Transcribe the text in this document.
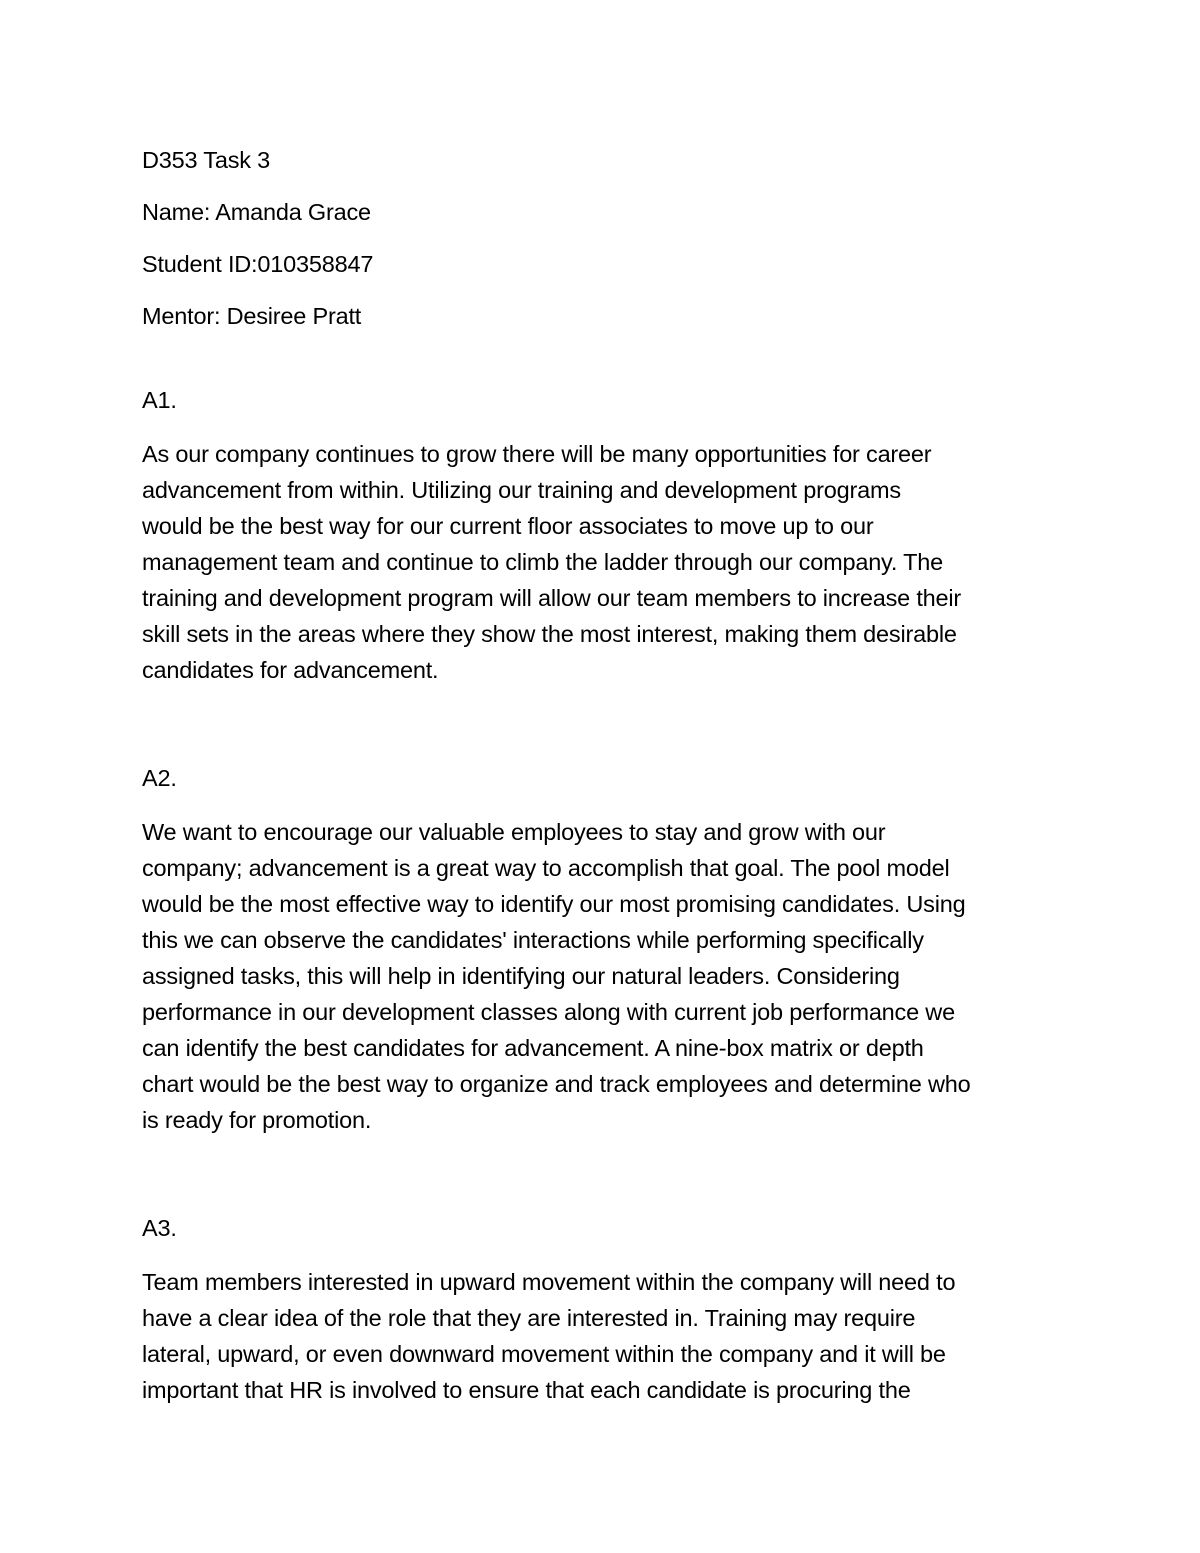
D353 Task 3

Name: Amanda Grace

Student ID:010358847

Mentor: Desiree Pratt

A1.

As our company continues to grow there will be many opportunities for career

advancement from within. Utilizing our training and development programs

would be the best way for our current floor associates to move up to our

management team and continue to climb the ladder through our company. The

training and development program will allow our team members to increase their

skill sets in the areas where they show the most interest, making them desirable

candidates for advancement.

A2.

We want to encourage our valuable employees to stay and grow with our

company; advancement is a great way to accomplish that goal. The pool model

would be the most effective way to identify our most promising candidates. Using

this we can observe the candidates' interactions while performing specifically

assigned tasks, this will help in identifying our natural leaders. Considering

performance in our development classes along with current job performance we

can identify the best candidates for advancement. A nine-box matrix or depth

chart would be the best way to organize and track employees and determine who

is ready for promotion.

A3.

Team members interested in upward movement within the company will need to

have a clear idea of the role that they are interested in. Training may require

lateral, upward, or even downward movement within the company and it will be

important that HR is involved to ensure that each candidate is procuring the
